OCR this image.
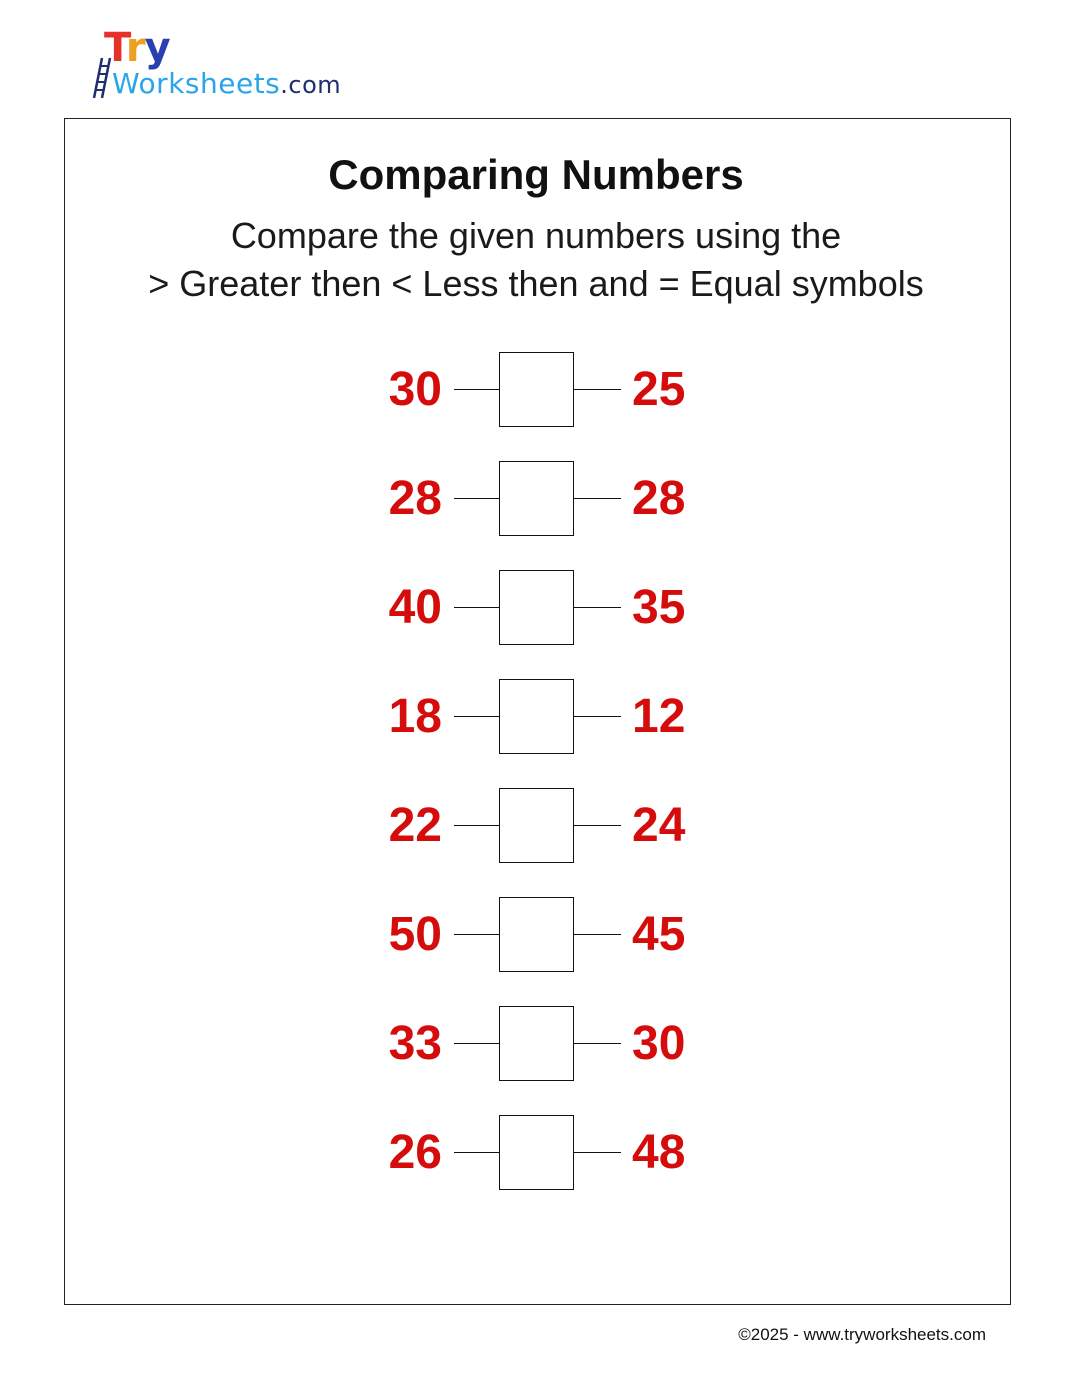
Try
Worksheets.com
Comparing Numbers
Compare the given numbers using the
> Greater then < Less then and = Equal symbols
30	25
28	28
40	35
18	12
22	24
50	45
33	30
26	48
©2025 - www.tryworksheets.com
